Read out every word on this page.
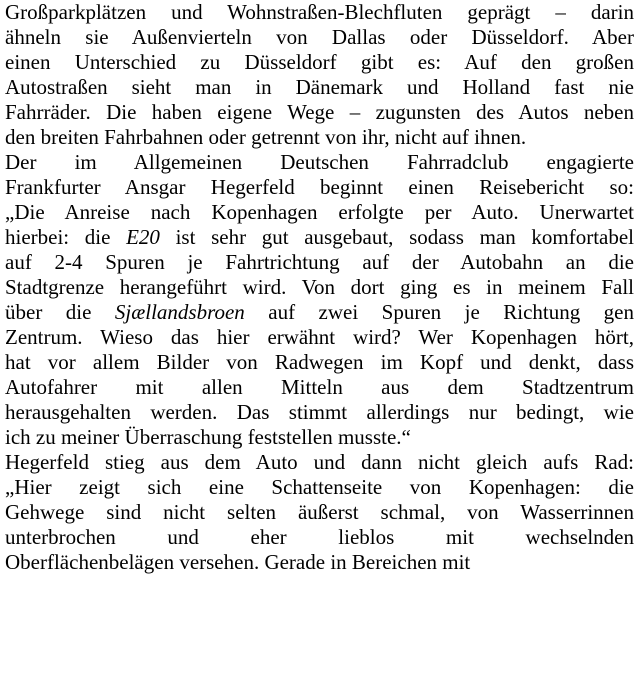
Großparkplätzen und Wohnstraßen-Blechfluten geprägt – darin
ähneln sie Außenvierteln von Dallas oder Düsseldorf. Aber
einen Unterschied zu Düsseldorf gibt es: Auf den großen
Autostraßen sieht man in Dänemark und Holland fast nie
Fahrräder. Die haben eigene Wege – zugunsten des Autos neben
den breiten Fahrbahnen oder getrennt von ihr, nicht auf ihnen.
Der im Allgemeinen Deutschen Fahrradclub engagierte
Frankfurter Ansgar Hegerfeld beginnt einen Reisebericht so:
„Die Anreise nach Kopenhagen erfolgte per Auto. Unerwartet
hierbei: die E20 ist sehr gut ausgebaut, sodass man komfortabel
auf 2-4 Spuren je Fahrtrichtung auf der Autobahn an die
Stadtgrenze herangeführt wird. Von dort ging es in meinem Fall
über die Sjællandsbroen auf zwei Spuren je Richtung gen
Zentrum. Wieso das hier erwähnt wird? Wer Kopenhagen hört,
hat vor allem Bilder von Radwegen im Kopf und denkt, dass
Autofahrer mit allen Mitteln aus dem Stadtzentrum
herausgehalten werden. Das stimmt allerdings nur bedingt, wie
ich zu meiner Überraschung feststellen musste.“
Hegerfeld stieg aus dem Auto und dann nicht gleich aufs Rad:
„Hier zeigt sich eine Schattenseite von Kopenhagen: die
Gehwege sind nicht selten äußerst schmal, von Wasserrinnen
unterbrochen und eher lieblos mit wechselnden
Oberflächenbelägen versehen. Gerade in Bereichen mit
